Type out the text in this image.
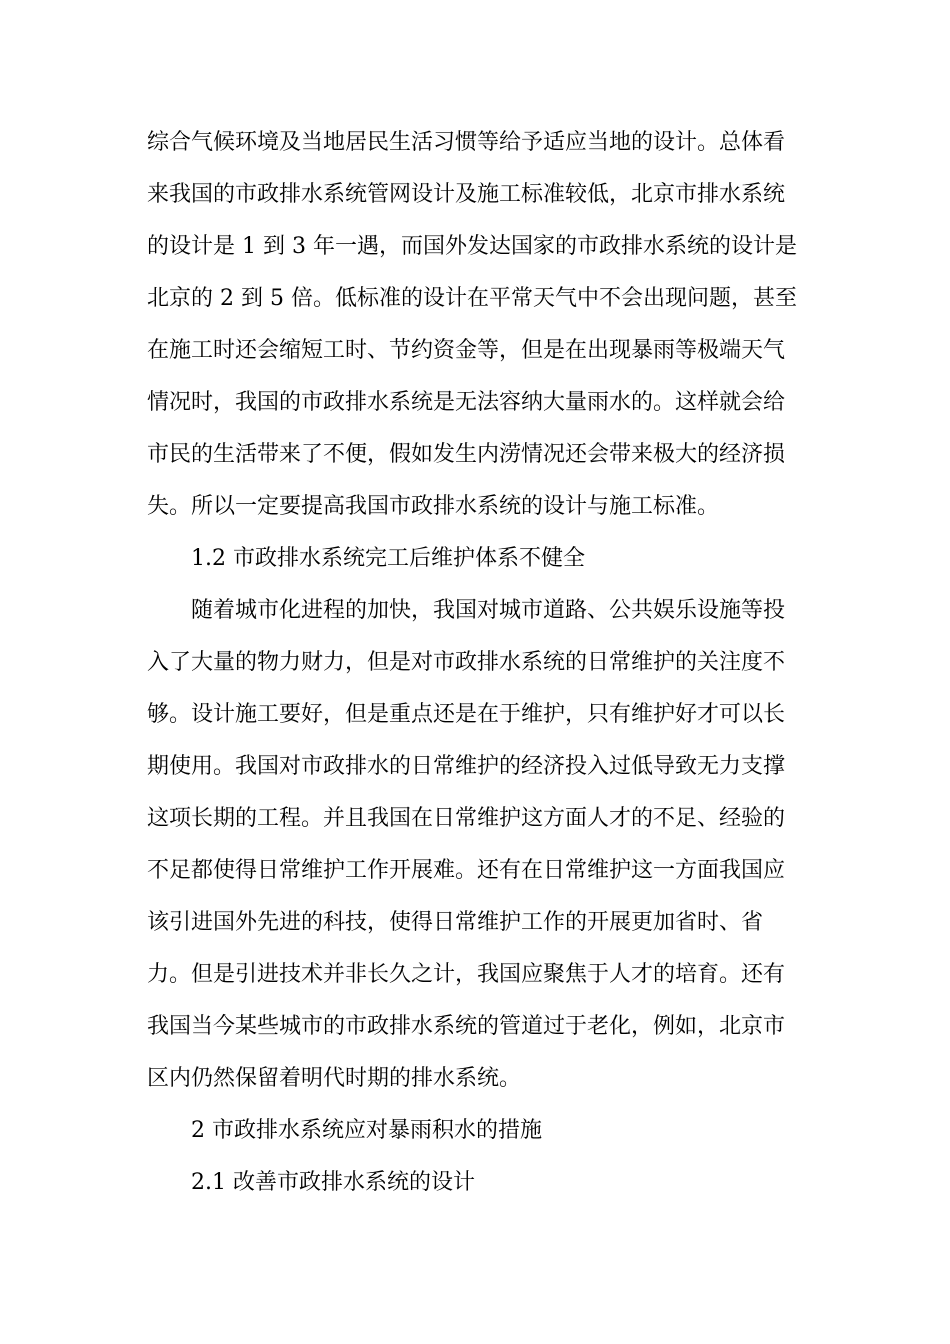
综合气候环境及当地居民生活习惯等给予适应当地的设计。总体看
来我国的市政排水系统管网设计及施工标准较低，北京市排水系统
的设计是 1 到 3 年一遇，而国外发达国家的市政排水系统的设计是
北京的 2 到 5 倍。低标准的设计在平常天气中不会出现问题，甚至
在施工时还会缩短工时、节约资金等，但是在出现暴雨等极端天气
情况时，我国的市政排水系统是无法容纳大量雨水的。这样就会给
市民的生活带来了不便，假如发生内涝情况还会带来极大的经济损
失。所以一定要提高我国市政排水系统的设计与施工标准。
1.2 市政排水系统完工后维护体系不健全
随着城市化进程的加快，我国对城市道路、公共娱乐设施等投
入了大量的物力财力，但是对市政排水系统的日常维护的关注度不
够。设计施工要好，但是重点还是在于维护，只有维护好才可以长
期使用。我国对市政排水的日常维护的经济投入过低导致无力支撑
这项长期的工程。并且我国在日常维护这方面人才的不足、经验的
不足都使得日常维护工作开展难。还有在日常维护这一方面我国应
该引进国外先进的科技，使得日常维护工作的开展更加省时、省
力。但是引进技术并非长久之计，我国应聚焦于人才的培育。还有
我国当今某些城市的市政排水系统的管道过于老化，例如，北京市
区内仍然保留着明代时期的排水系统。
2 市政排水系统应对暴雨积水的措施
2.1 改善市政排水系统的设计
